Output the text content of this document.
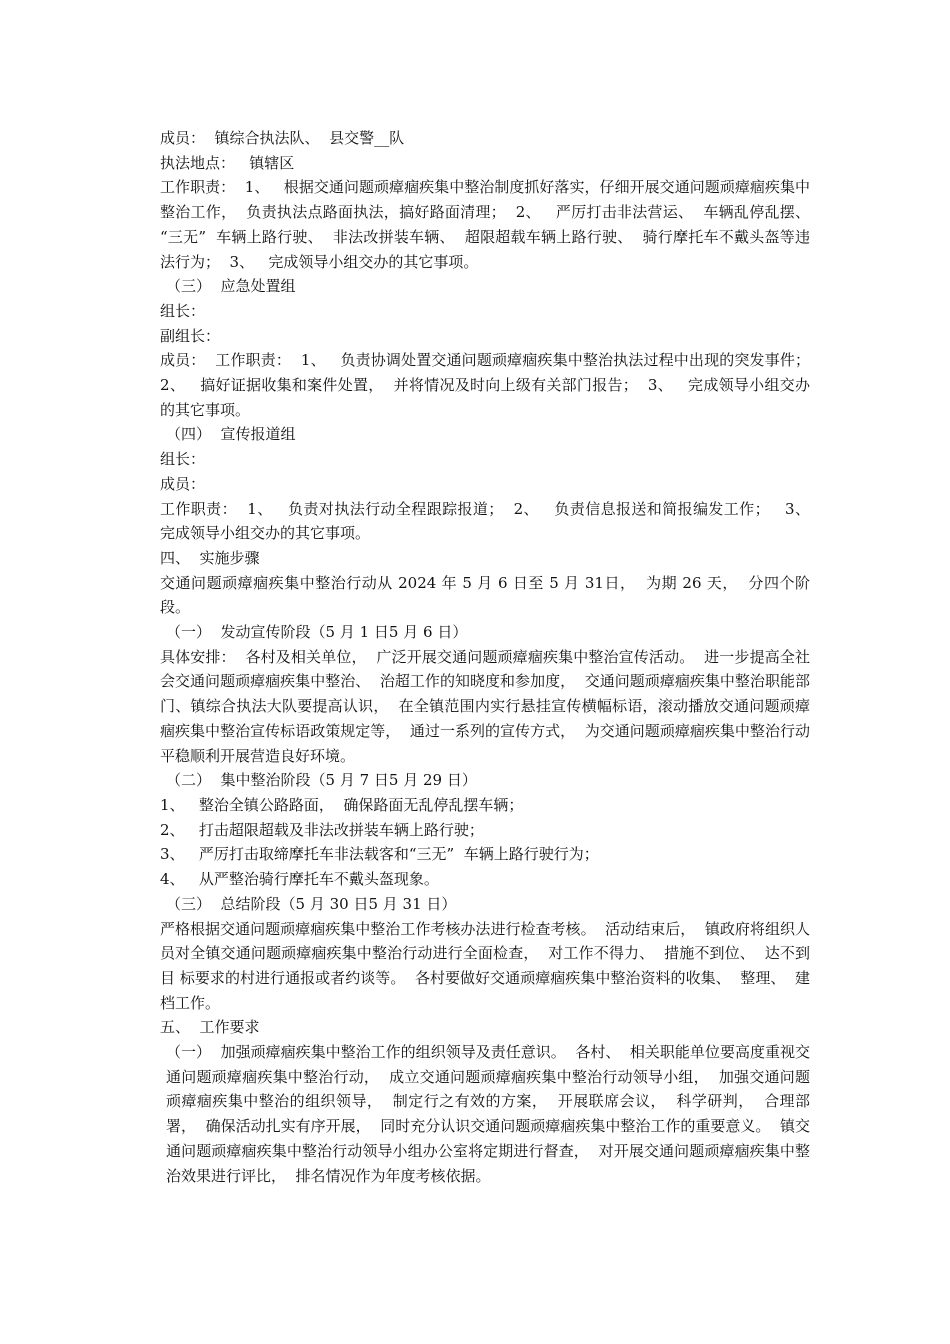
成员：  镇综合执法队、  县交警__队

执法地点：   镇辖区

工作职责：  1、   根据交通问题顽瘴痼疾集中整治制度抓好落实，仔细开展交通问题顽瘴痼疾集中整治工作，  负责执法点路面执法，搞好路面清理；  2、   严厉打击非法营运、  车辆乱停乱摆、  “三无”  车辆上路行驶、  非法改拼装车辆、  超限超载车辆上路行驶、  骑行摩托车不戴头盔等违法行为；  3、   完成领导小组交办的其它事项。

（三）  应急处置组

组长：

副组长：

成员：  工作职责：  1、   负责协调处置交通问题顽瘴痼疾集中整治执法过程中出现的突发事件；  2、   搞好证据收集和案件处置，  并将情况及时向上级有关部门报告；  3、   完成领导小组交办的其它事项。

（四）  宣传报道组

组长：

成员：

工作职责：  1、   负责对执法行动全程跟踪报道；  2、   负责信息报送和简报编发工作；   3、   完成领导小组交办的其它事项。

四、  实施步骤

交通问题顽瘴痼疾集中整治行动从 2024 年 5 月 6 日至 5 月 31日，  为期 26 天，  分四个阶段。

（一）  发动宣传阶段（5 月 1 日5 月 6 日）

具体安排：  各村及相关单位，  广泛开展交通问题顽瘴痼疾集中整治宣传活动。  进一步提高全社会交通问题顽瘴痼疾集中整治、  治超工作的知晓度和参加度，  交通问题顽瘴痼疾集中整治职能部门、镇综合执法大队要提高认识，  在全镇范围内实行悬挂宣传横幅标语，滚动播放交通问题顽瘴痼疾集中整治宣传标语政策规定等，  通过一系列的宣传方式，  为交通问题顽瘴痼疾集中整治行动平稳顺利开展营造良好环境。

（二）  集中整治阶段（5 月 7 日5 月 29 日）

1、   整治全镇公路路面，  确保路面无乱停乱摆车辆；

2、   打击超限超载及非法改拼装车辆上路行驶；

3、   严厉打击取缔摩托车非法载客和“三无”  车辆上路行驶行为；

4、   从严整治骑行摩托车不戴头盔现象。

（三）  总结阶段（5 月 30 日5 月 31 日）

严格根据交通问题顽瘴痼疾集中整治工作考核办法进行检查考核。  活动结束后，  镇政府将组织人员对全镇交通问题顽瘴痼疾集中整治行动进行全面检查，  对工作不得力、  措施不到位、  达不到目 标要求的村进行通报或者约谈等。  各村要做好交通顽瘴痼疾集中整治资料的收集、  整理、  建档工作。

五、  工作要求

（一）  加强顽瘴痼疾集中整治工作的组织领导及责任意识。  各村、  相关职能单位要高度重视交通问题顽瘴痼疾集中整治行动，  成立交通问题顽瘴痼疾集中整治行动领导小组，  加强交通问题顽瘴痼疾集中整治的组织领导，  制定行之有效的方案，  开展联席会议，  科学研判，  合理部署，  确保活动扎实有序开展，  同时充分认识交通问题顽瘴痼疾集中整治工作的重要意义。  镇交通问题顽瘴痼疾集中整治行动领导小组办公室将定期进行督查，  对开展交通问题顽瘴痼疾集中整治效果进行评比，  排名情况作为年度考核依据。
